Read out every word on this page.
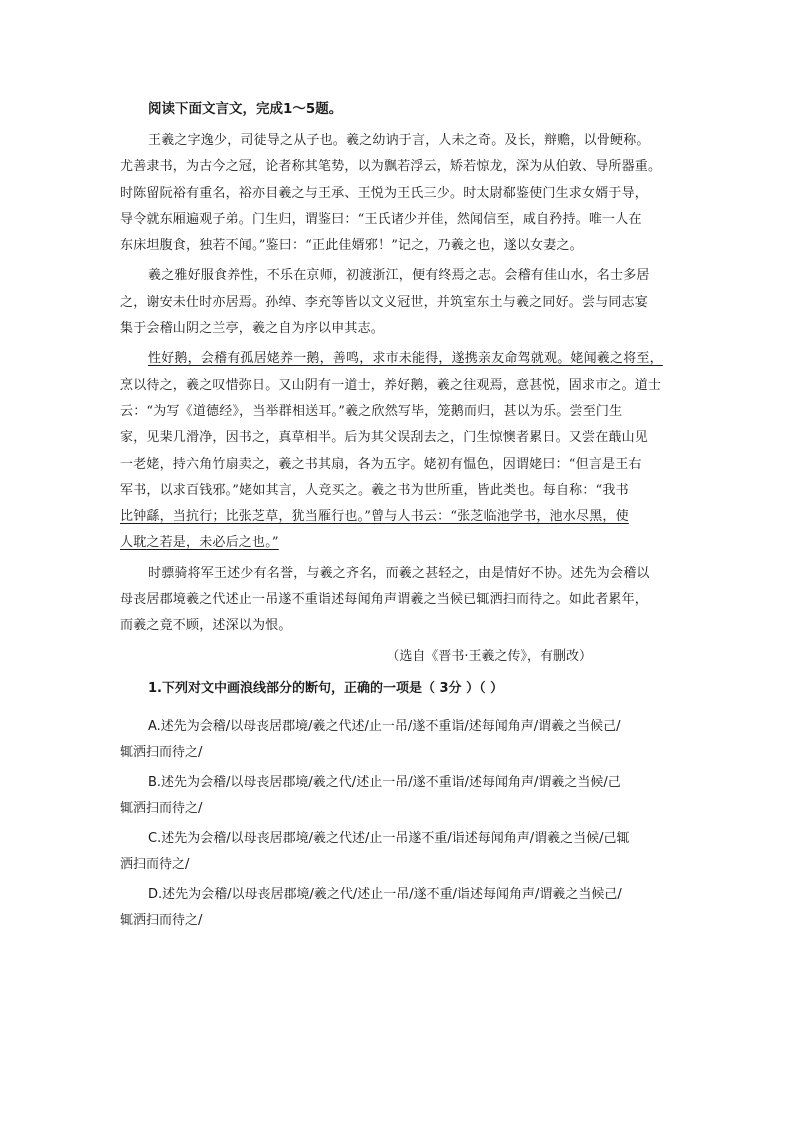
阅读下面文言文，完成1～5题。
王羲之字逸少，司徒导之从子也。羲之幼讷于言，人未之奇。及长，辩赡，以骨鲠称。
尤善隶书，为古今之冠，论者称其笔势，以为飘若浮云，矫若惊龙，深为从伯敦、导所器重。
时陈留阮裕有重名，裕亦目羲之与王承、王悦为王氏三少。时太尉郗鉴使门生求女婿于导，
导令就东厢遍观子弟。门生归，谓鉴曰：“王氏诸少并佳，然闻信至，咸自矜持。唯一人在
东床坦腹食，独若不闻。”鉴曰：“正此佳婿邪！”记之，乃羲之也，遂以女妻之。
羲之雅好服食养性，不乐在京师，初渡浙江，便有终焉之志。会稽有佳山水，名士多居
之，谢安未仕时亦居焉。孙绰、李充等皆以文义冠世，并筑室东土与羲之同好。尝与同志宴
集于会稽山阴之兰亭，羲之自为序以申其志。
性好鹅，会稽有孤居姥养一鹅，善鸣，求市未能得，遂携亲友命驾就观。姥闻羲之将至，
烹以待之，羲之叹惜弥日。又山阴有一道士，养好鹅，羲之往观焉，意甚悦，固求市之。道士
云：“为写《道德经》，当举群相送耳。”羲之欣然写毕，笼鹅而归，甚以为乐。尝至门生
家，见棐几滑净，因书之，真草相半。后为其父误刮去之，门生惊懊者累日。又尝在蕺山见
一老姥，持六角竹扇卖之，羲之书其扇，各为五字。姥初有愠色，因谓姥曰：“但言是王右
军书，以求百钱邪。”姥如其言，人竞买之。羲之书为世所重，皆此类也。每自称：“我书
比钟繇，当抗行；比张芝草，犹当雁行也。”曾与人书云：“张芝临池学书，池水尽黑，使
人耽之若是，未必后之也。”
时骠骑将军王述少有名誉，与羲之齐名，而羲之甚轻之，由是情好不协。述先为会稽以
母丧居郡境羲之代述止一吊遂不重诣述每闻角声谓羲之当候已辄洒扫而待之。如此者累年，
而羲之竟不顾，述深以为恨。
（选自《晋书·王羲之传》，有删改）
1.下列对文中画浪线部分的断句，正确的一项是（ 3分 ）（ ）
A.述先为会稽/以母丧居郡境/羲之代述/止一吊/遂不重诣/述每闻角声/谓羲之当候己/
辄洒扫而待之/
B.述先为会稽/以母丧居郡境/羲之代/述止一吊/遂不重诣/述每闻角声/谓羲之当候/己
辄洒扫而待之/
C.述先为会稽/以母丧居郡境/羲之代述/止一吊遂不重/诣述每闻角声/谓羲之当候/己辄
洒扫而待之/
D.述先为会稽/以母丧居郡境/羲之代/述止一吊/遂不重/诣述每闻角声/谓羲之当候己/
辄洒扫而待之/
